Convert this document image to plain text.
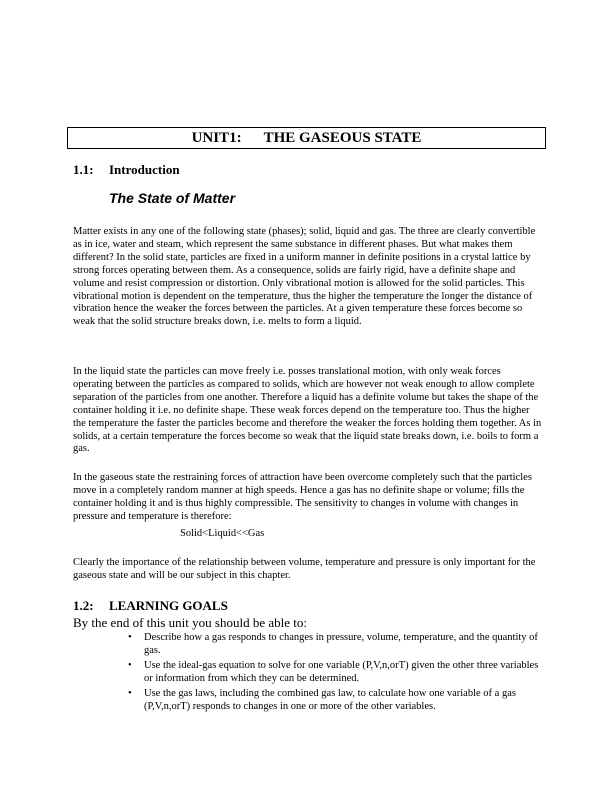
UNIT1: THE GASEOUS STATE
1.1: Introduction
The State of Matter
Matter exists in any one of the following state (phases); solid, liquid and gas. The three are clearly convertible as in ice, water and steam, which represent the same substance in different phases. But what makes them different? In the solid state, particles are fixed in a uniform manner in definite positions in a crystal lattice by strong forces operating between them. As a consequence, solids are fairly rigid, have a definite shape and volume and resist compression or distortion. Only vibrational motion is allowed for the solid particles. This vibrational motion is dependent on the temperature, thus the higher the temperature the longer the distance of vibration hence the weaker the forces between the particles. At a given temperature these forces become so weak that the solid structure breaks down, i.e. melts to form a liquid.
In the liquid state the particles can move freely i.e. posses translational motion, with only weak forces operating between the particles as compared to solids, which are however not weak enough to allow complete separation of the particles from one another. Therefore a liquid has a definite volume but takes the shape of the container holding it i.e. no definite shape. These weak forces depend on the temperature too. Thus the higher the temperature the faster the particles become and therefore the weaker the forces holding them together. As in solids, at a certain temperature the forces become so weak that the liquid state breaks down, i.e. boils to form a gas.
In the gaseous state the restraining forces of attraction have been overcome completely such that the particles move in a completely random manner at high speeds. Hence a gas has no definite shape or volume; fills the container holding it and is thus highly compressible. The sensitivity to changes in volume with changes in pressure and temperature is therefore:
Solid<Liquid<<Gas
Clearly the importance of the relationship between volume, temperature and pressure is only important for the gaseous state and will be our subject in this chapter.
1.2: LEARNING GOALS
By the end of this unit you should be able to:
• Describe how a gas responds to changes in pressure, volume, temperature, and the quantity of gas.
• Use the ideal-gas equation to solve for one variable (P,V,n,orT) given the other three variables or information from which they can be determined.
• Use the gas laws, including the combined gas law, to calculate how one variable of a gas (P,V,n,orT) responds to changes in one or more of the other variables.
